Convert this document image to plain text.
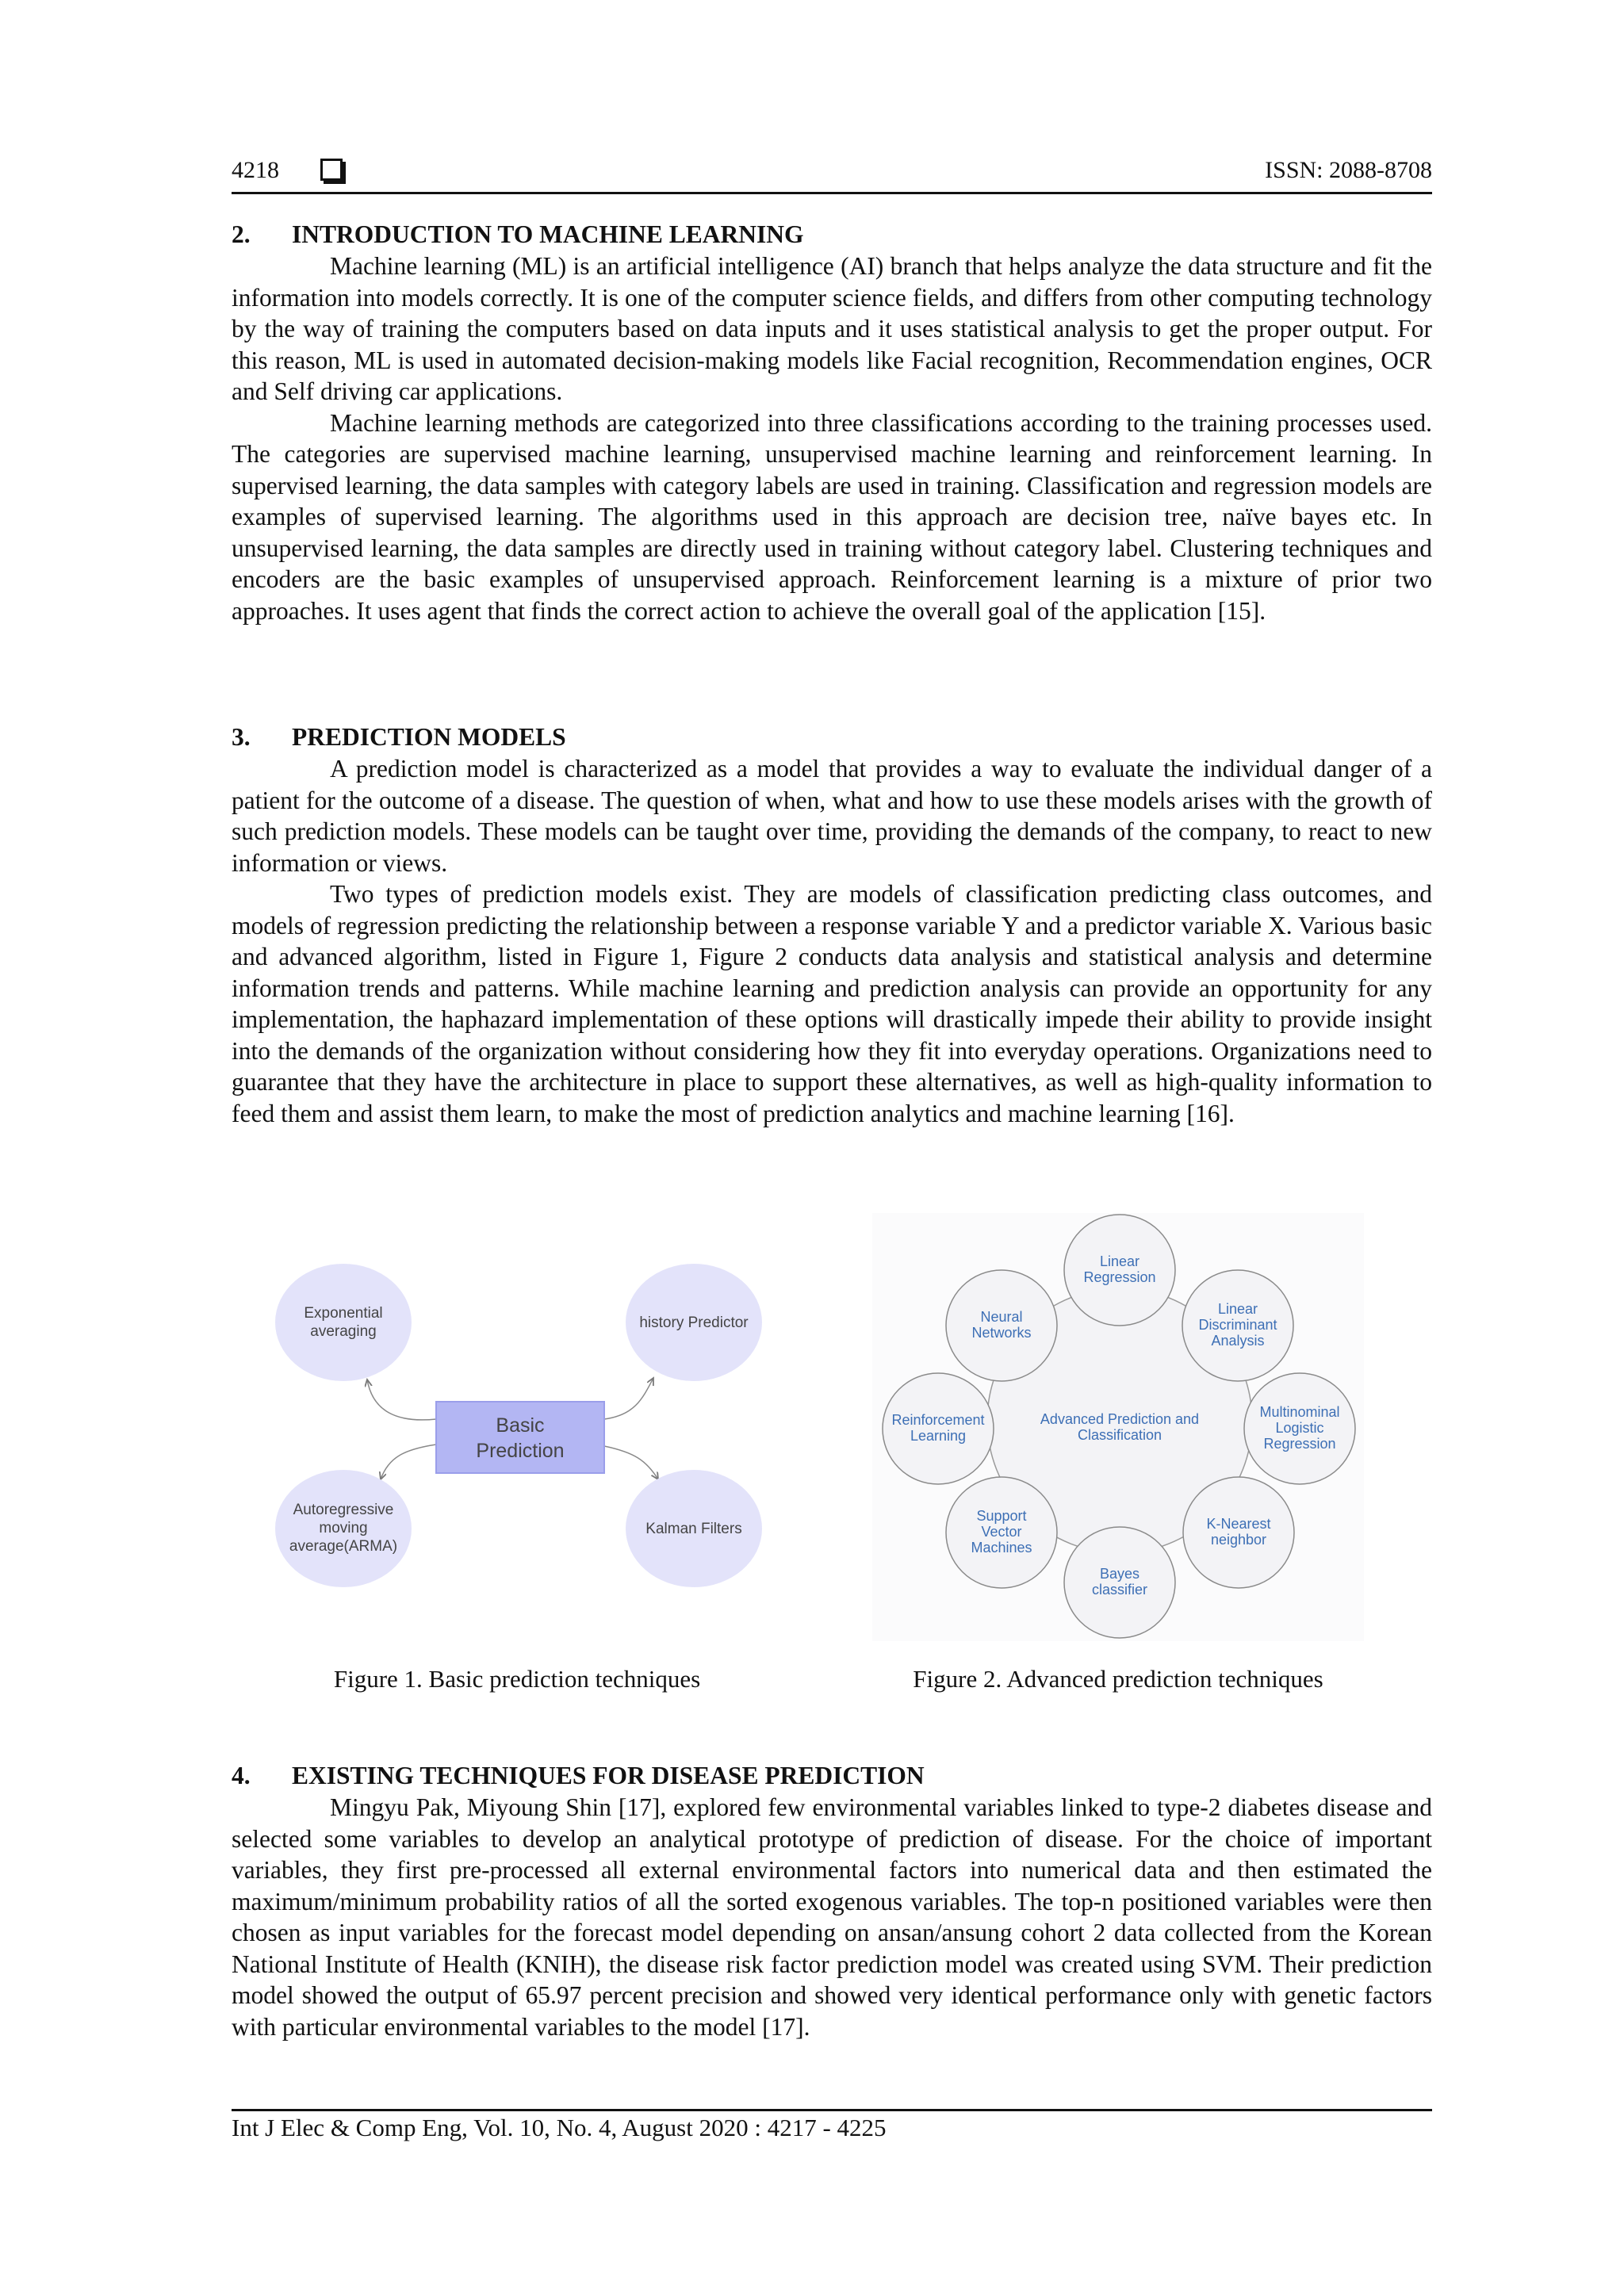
4218	ISSN: 2088-8708
2.	INTRODUCTION TO MACHINE LEARNING

Machine learning (ML) is an artificial intelligence (AI) branch that helps analyze the data structure and fit the information into models correctly. It is one of the computer science fields, and differs from other computing technology by the way of training the computers based on data inputs and it uses statistical analysis to get the proper output. For this reason, ML is used in automated decision-making models like Facial recognition, Recommendation engines, OCR and Self driving car applications.

Machine learning methods are categorized into three classifications according to the training processes used. The categories are supervised machine learning, unsupervised machine learning and reinforcement learning. In supervised learning, the data samples with category labels are used in training. Classification and regression models are examples of supervised learning. The algorithms used in this approach are decision tree, naïve bayes etc. In unsupervised learning, the data samples are directly used in training without category label. Clustering techniques and encoders are the basic examples of unsupervised approach. Reinforcement learning is a mixture of prior two approaches. It uses agent that finds the correct action to achieve the overall goal of the application [15].

3.	PREDICTION MODELS

A prediction model is characterized as a model that provides a way to evaluate the individual danger of a patient for the outcome of a disease. The question of when, what and how to use these models arises with the growth of such prediction models. These models can be taught over time, providing the demands of the company, to react to new information or views.

Two types of prediction models exist. They are models of classification predicting class outcomes, and models of regression predicting the relationship between a response variable Y and a predictor variable X. Various basic and advanced algorithm, listed in Figure 1, Figure 2 conducts data analysis and statistical analysis and determine information trends and patterns. While machine learning and prediction analysis can provide an opportunity for any implementation, the haphazard implementation of these options will drastically impede their ability to provide insight into the demands of the organization without considering how they fit into everyday operations. Organizations need to guarantee that they have the architecture in place to support these alternatives, as well as high-quality information to feed them and assist them learn, to make the most of prediction analytics and machine learning [16].

Exponential
averaging
history Predictor
Basic
Prediction
Autoregressive
moving
average(ARMA)
Kalman Filters
Figure 1. Basic prediction techniques
Advanced Prediction and
Classification
Linear
Regression
Linear
Discriminant
Analysis
Multinominal
Logistic
Regression
K-Nearest
neighbor
Bayes
classifier
Support
Vector
Machines
Reinforcement
Learning
Neural
Networks
Figure 2. Advanced prediction techniques
4.	EXISTING TECHNIQUES FOR DISEASE PREDICTION

Mingyu Pak, Miyoung Shin [17], explored few environmental variables linked to type-2 diabetes disease and selected some variables to develop an analytical prototype of prediction of disease. For the choice of important variables, they first pre-processed all external environmental factors into numerical data and then estimated the maximum/minimum probability ratios of all the sorted exogenous variables. The top-n positioned variables were then chosen as input variables for the forecast model depending on ansan/ansung cohort 2 data collected from the Korean National Institute of Health (KNIH), the disease risk factor prediction model was created using SVM. Their prediction model showed the output of 65.97 percent precision and showed very identical performance only with genetic factors with particular environmental variables to the model [17].

Int J Elec & Comp Eng, Vol. 10, No. 4, August 2020 : 4217 - 4225
